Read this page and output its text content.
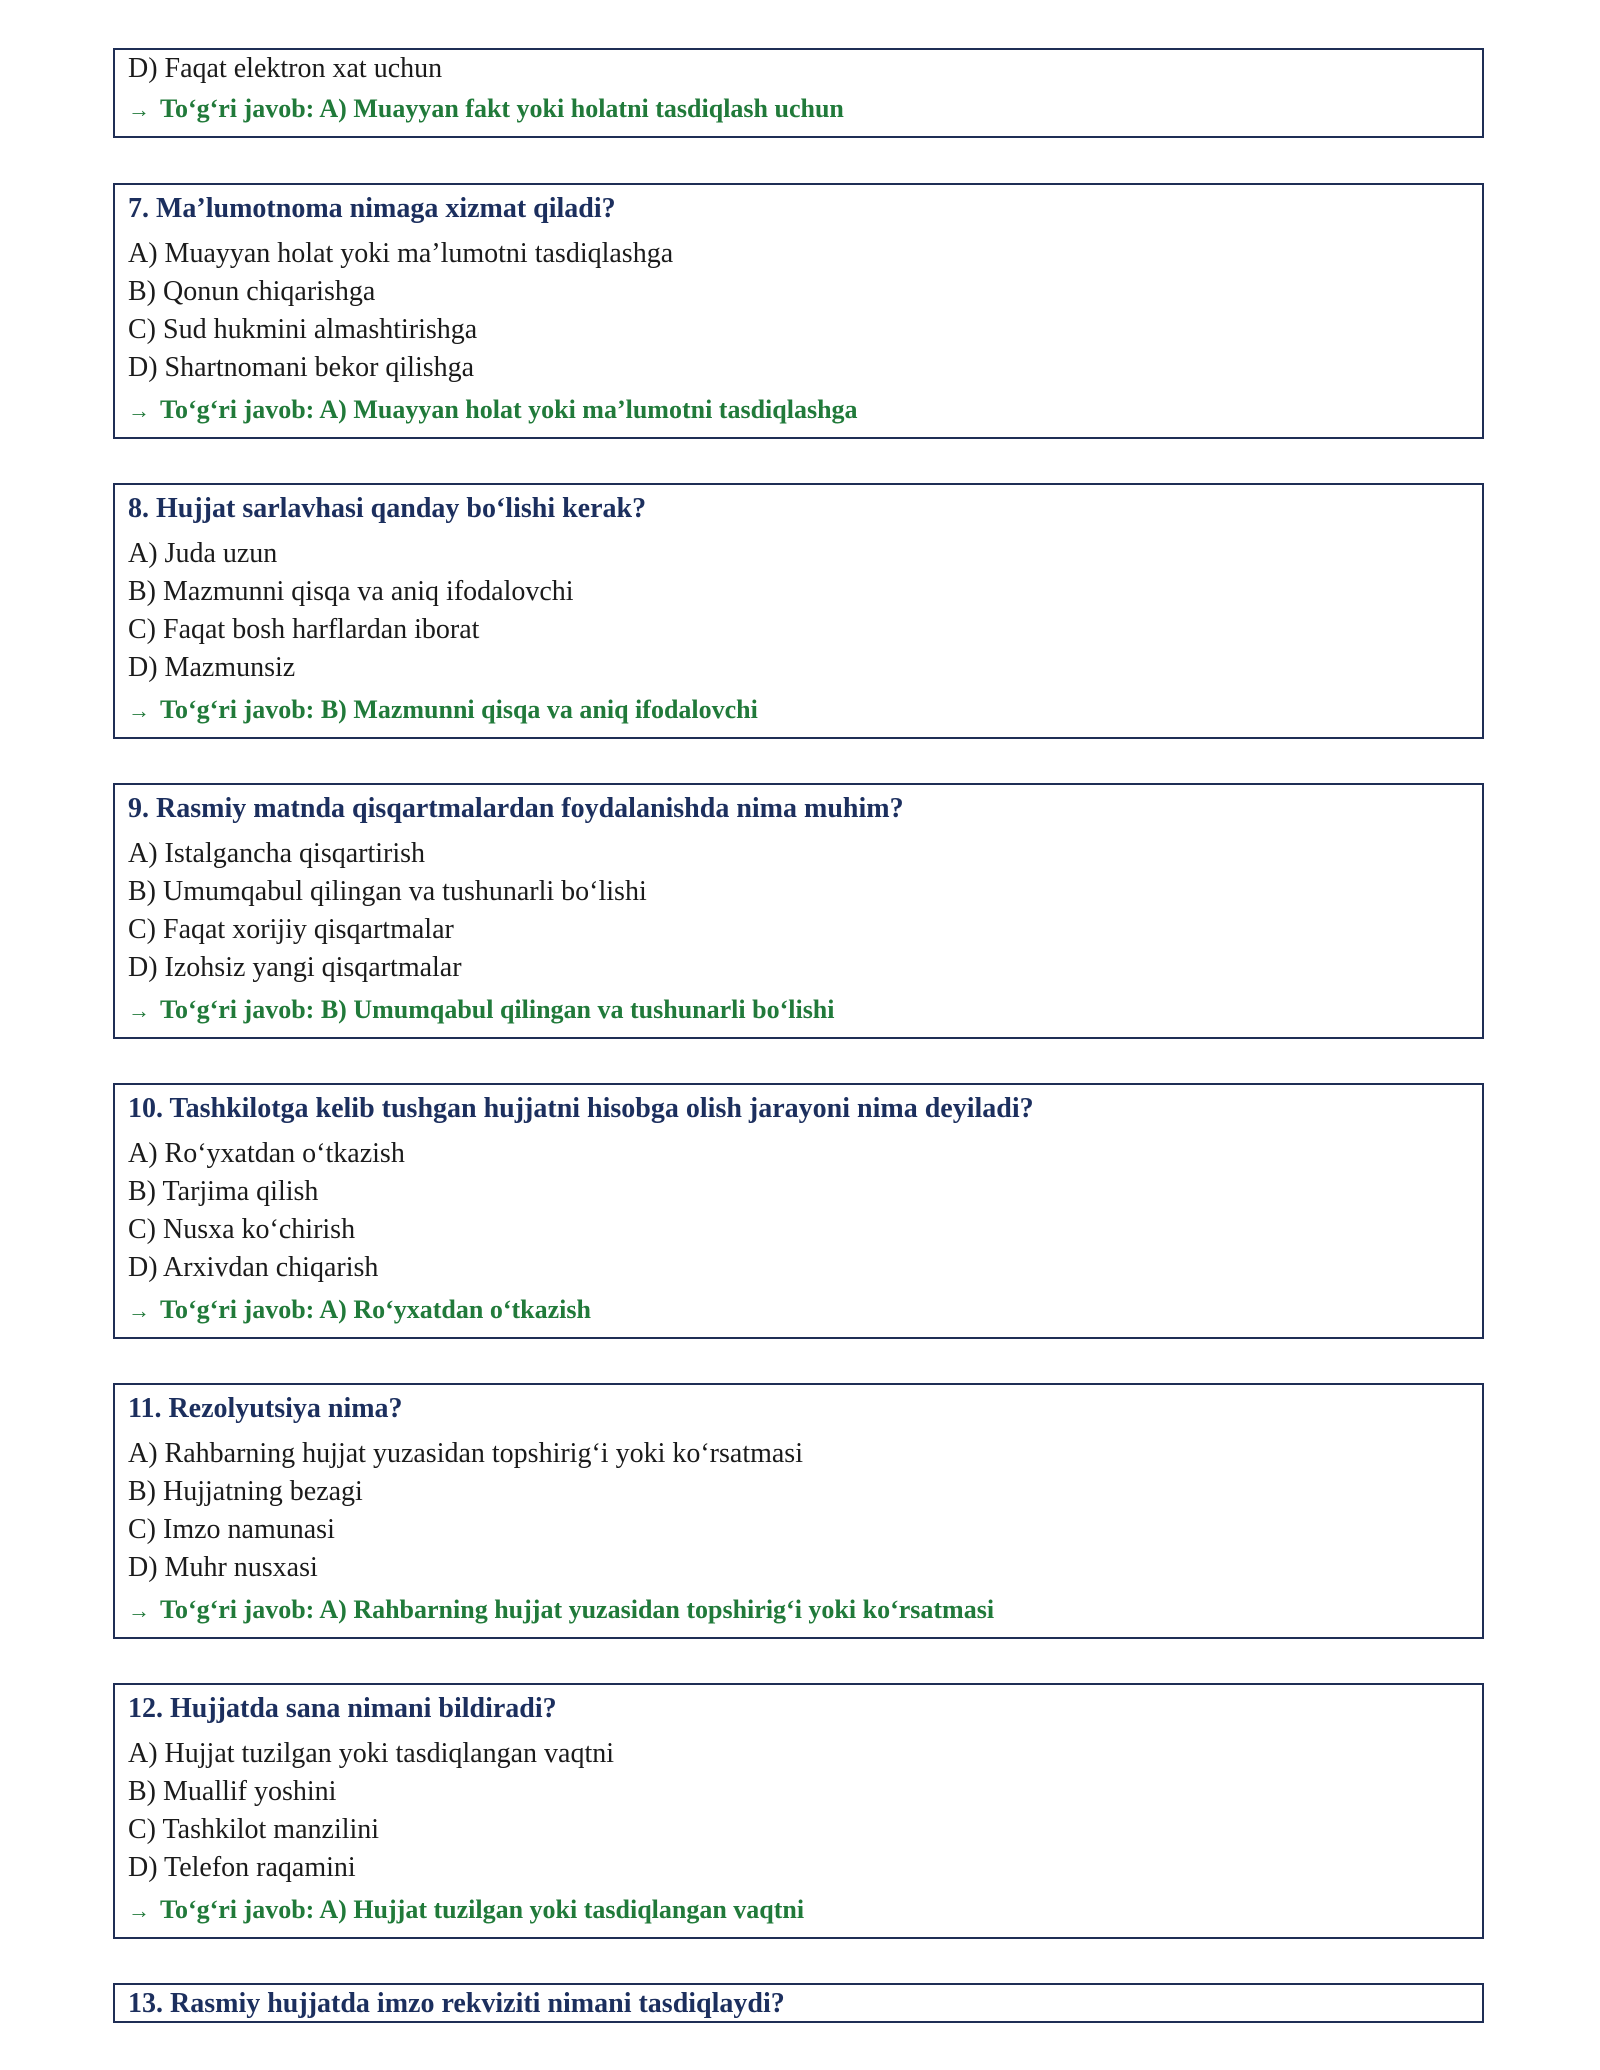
D) Faqat elektron xat uchun
→ To‘g‘ri javob: A) Muayyan fakt yoki holatni tasdiqlash uchun
7. Ma’lumotnoma nimaga xizmat qiladi?
A) Muayyan holat yoki ma’lumotni tasdiqlashga
B) Qonun chiqarishga
C) Sud hukmini almashtirishga
D) Shartnomani bekor qilishga
→ To‘g‘ri javob: A) Muayyan holat yoki ma’lumotni tasdiqlashga
8. Hujjat sarlavhasi qanday bo‘lishi kerak?
A) Juda uzun
B) Mazmunni qisqa va aniq ifodalovchi
C) Faqat bosh harflardan iborat
D) Mazmunsiz
→ To‘g‘ri javob: B) Mazmunni qisqa va aniq ifodalovchi
9. Rasmiy matnda qisqartmalardan foydalanishda nima muhim?
A) Istalgancha qisqartirish
B) Umumqabul qilingan va tushunarli bo‘lishi
C) Faqat xorijiy qisqartmalar
D) Izohsiz yangi qisqartmalar
→ To‘g‘ri javob: B) Umumqabul qilingan va tushunarli bo‘lishi
10. Tashkilotga kelib tushgan hujjatni hisobga olish jarayoni nima deyiladi?
A) Ro‘yxatdan o‘tkazish
B) Tarjima qilish
C) Nusxa ko‘chirish
D) Arxivdan chiqarish
→ To‘g‘ri javob: A) Ro‘yxatdan o‘tkazish
11. Rezolyutsiya nima?
A) Rahbarning hujjat yuzasidan topshirig‘i yoki ko‘rsatmasi
B) Hujjatning bezagi
C) Imzo namunasi
D) Muhr nusxasi
→ To‘g‘ri javob: A) Rahbarning hujjat yuzasidan topshirig‘i yoki ko‘rsatmasi
12. Hujjatda sana nimani bildiradi?
A) Hujjat tuzilgan yoki tasdiqlangan vaqtni
B) Muallif yoshini
C) Tashkilot manzilini
D) Telefon raqamini
→ To‘g‘ri javob: A) Hujjat tuzilgan yoki tasdiqlangan vaqtni
13. Rasmiy hujjatda imzo rekviziti nimani tasdiqlaydi?
